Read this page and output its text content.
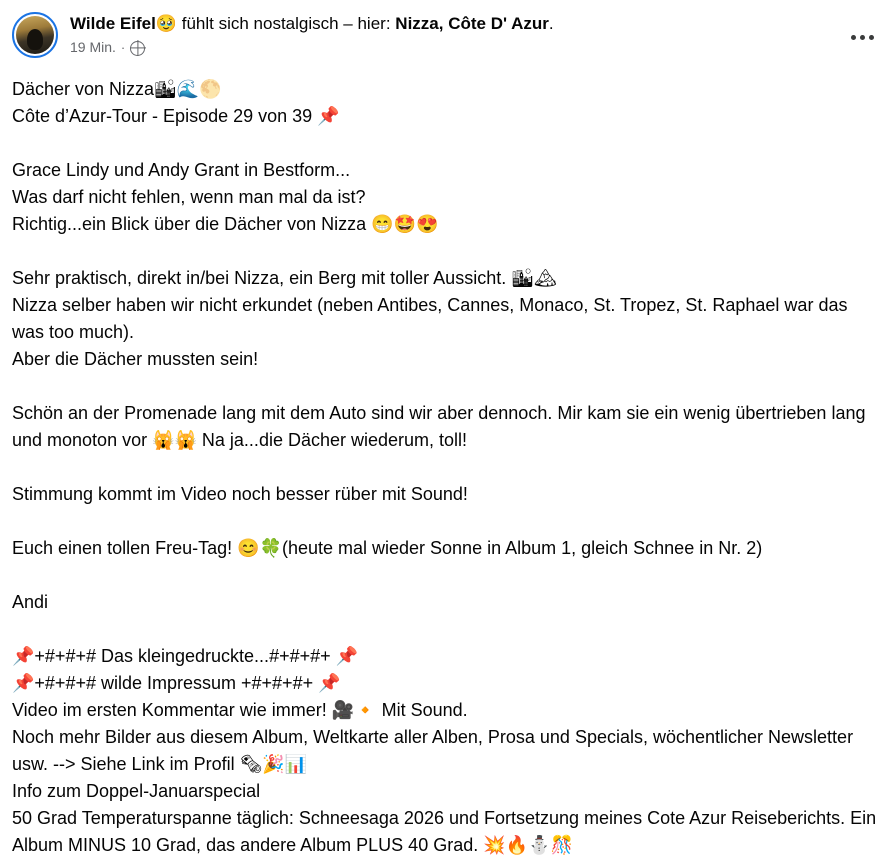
Wilde Eifel🥹 fühlt sich nostalgisch – hier: Nizza, Côte D' Azur.
19 Min. ·
Dächer von Nizza🏙🌊🌕
Côte d’Azur-Tour - Episode 29 von 39 📌
Grace Lindy und Andy Grant in Bestform...
Was darf nicht fehlen, wenn man mal da ist?
Richtig...ein Blick über die Dächer von Nizza 😁🤩😍
Sehr praktisch, direkt in/bei Nizza, ein Berg mit toller Aussicht. 🏙🏔
Nizza selber haben wir nicht erkundet (neben Antibes, Cannes, Monaco, St. Tropez, St. Raphael war das was too much).
Aber die Dächer mussten sein!
Schön an der Promenade lang mit dem Auto sind wir aber dennoch. Mir kam sie ein wenig übertrieben lang und monoton vor 🙀🙀 Na ja...die Dächer wiederum, toll!
Stimmung kommt im Video noch besser rüber mit Sound!
Euch einen tollen Freu-Tag! 😊🍀(heute mal wieder Sonne in Album 1, gleich Schnee in Nr. 2)
Andi
📌+#+#+# Das kleingedruckte...#+#+#+ 📌
📌+#+#+# wilde Impressum +#+#+#+ 📌
Video im ersten Kommentar wie immer! 🎥🔸 Mit Sound.
Noch mehr Bilder aus diesem Album, Weltkarte aller Alben, Prosa und Specials, wöchentlicher Newsletter usw. --> Siehe Link im Profil 🗞🎉📊
Info zum Doppel-Januarspecial
50 Grad Temperaturspanne täglich: Schneesaga 2026 und Fortsetzung meines Cote Azur Reiseberichts. Ein Album MINUS 10 Grad, das andere Album PLUS 40 Grad. 💥🔥⛄🎊
